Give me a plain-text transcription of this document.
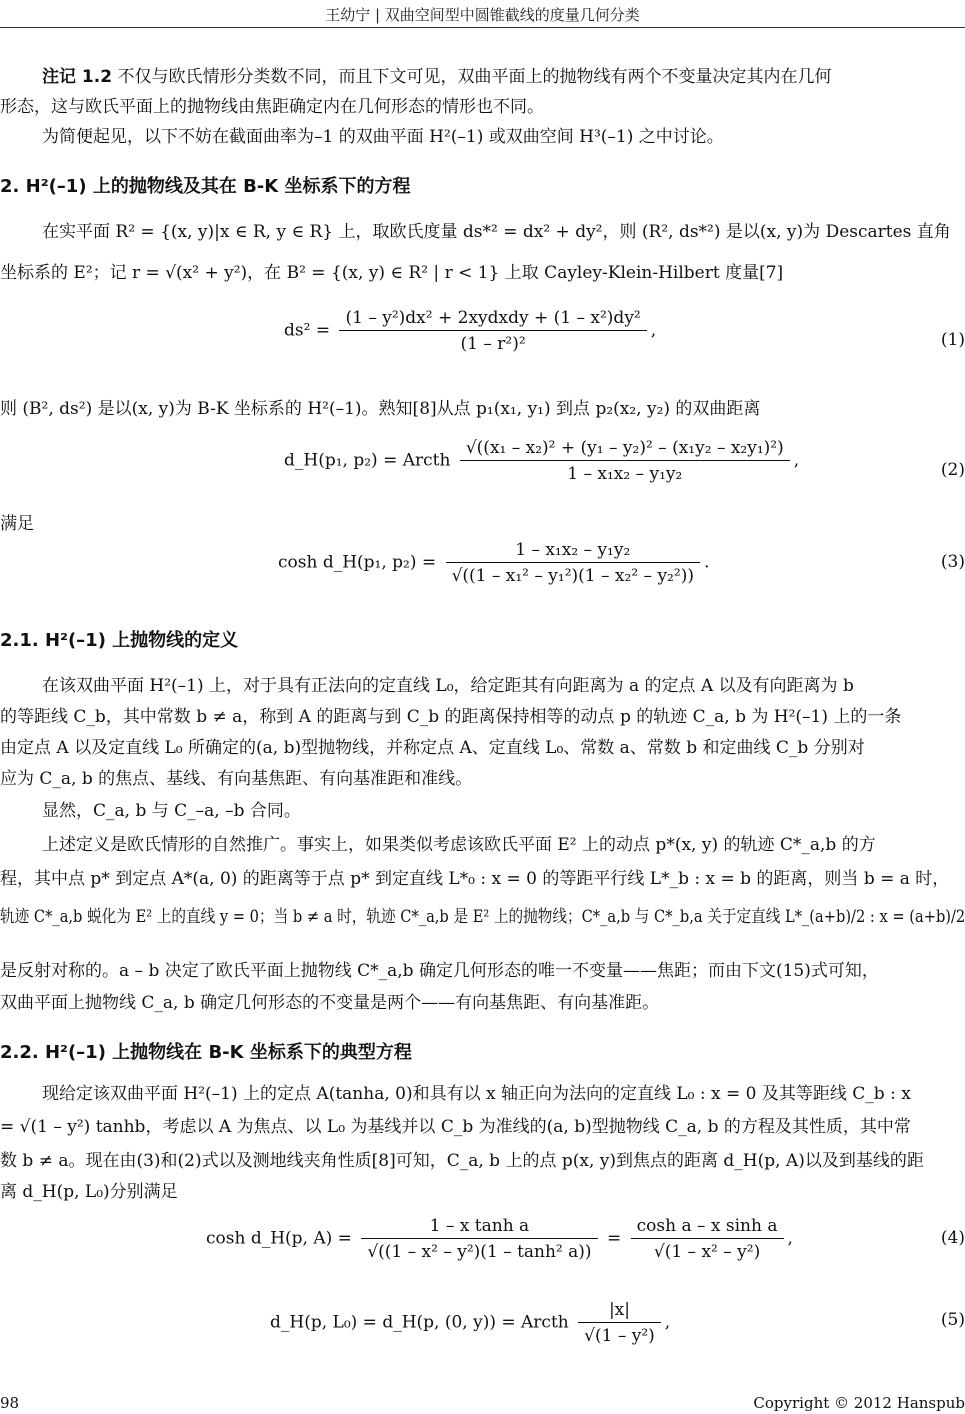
王幼宁 | 双曲空间型中圆锥截线的度量几何分类
注记 1.2 不仅与欧氏情形分类数不同，而且下文可见，双曲平面上的抛物线有两个不变量决定其内在几何
形态，这与欧氏平面上的抛物线由焦距确定内在几何形态的情形也不同。
为简便起见，以下不妨在截面曲率为–1 的双曲平面 H²(–1) 或双曲空间 H³(–1) 之中讨论。
2. H²(–1) 上的抛物线及其在 B-K 坐标系下的方程
在实平面 R² = {(x, y)|x ∈ R, y ∈ R} 上，取欧氏度量 ds*² = dx² + dy²，则 (R², ds*²) 是以(x, y)为 Descartes 直角
坐标系的 E²；记 r = √(x² + y²)，在 B² = {(x, y) ∈ R² | r < 1} 上取 Cayley-Klein-Hilbert 度量[7]
$ds^2 = \frac{\text{(1 – y²)dx² + 2xydxdy + (1 – x²)dy²}}{\text{(1 – r²)²}}$ ,	(1)
则 (B², ds²) 是以(x, y)为 B-K 坐标系的 H²(–1)。熟知[8]从点 p₁(x₁, y₁) 到点 p₂(x₂, y₂) 的双曲距离
d_H(p₁, p₂) = Arcth $\frac{\text{√((x₁ – x₂)² + (y₁ – y₂)² – (x₁y₂ – x₂y₁)²)}}{\text{1 – x₁x₂ – y₁y₂}}$ ,	(2)
满足
cosh d_H(p₁, $p_2) = \frac{\text{1 – x₁x₂ – y₁y₂}}{\text{√((1 – x₁² – y₁²)(1 – x₂² – y₂²))}}$ .	(3)
2.1. H²(–1) 上抛物线的定义
在该双曲平面 H²(–1) 上，对于具有正法向的定直线 L₀，给定距其有向距离为 a 的定点 A 以及有向距离为 b
的等距线 C_b，其中常数 b ≠ a，称到 A 的距离与到 C_b 的距离保持相等的动点 p 的轨迹 C_a, b 为 H²(–1) 上的一条
由定点 A 以及定直线 L₀ 所确定的(a, b)型抛物线，并称定点 A、定直线 L₀、常数 a、常数 b 和定曲线 C_b 分别对
应为 C_a, b 的焦点、基线、有向基焦距、有向基准距和准线。
显然，C_a, b 与 C_–a, –b 合同。
上述定义是欧氏情形的自然推广。事实上，如果类似考虑该欧氏平面 E² 上的动点 p*(x, y) 的轨迹 C*_a,b 的方
程，其中点 p* 到定点 A*(a, 0) 的距离等于点 p* 到定直线 L*₀ : x = 0 的等距平行线 L*_b : x = b 的距离，则当 b = a 时，
轨迹 C*_a,b 蜕化为 E² 上的直线 y = 0；当 b ≠ a 时，轨迹 C*_a,b 是 E² 上的抛物线；C*_a,b 与 C*_b,a 关于定直线 L*_(a+b)/2 : x = (a+b)/2
是反射对称的。a – b 决定了欧氏平面上抛物线 C*_a,b 确定几何形态的唯一不变量——焦距；而由下文(15)式可知，
双曲平面上抛物线 C_a, b 确定几何形态的不变量是两个——有向基焦距、有向基准距。
2.2. H²(–1) 上抛物线在 B-K 坐标系下的典型方程
现给定该双曲平面 H²(–1) 上的定点 A(tanha, 0)和具有以 x 轴正向为法向的定直线 L₀ : x = 0 及其等距线 C_b : x
= √(1 – y²) tanhb，考虑以 A 为焦点、以 L₀ 为基线并以 C_b 为准线的(a, b)型抛物线 C_a, b 的方程及其性质，其中常
数 b ≠ a。现在由(3)和(2)式以及测地线夹角性质[8]可知，C_a, b 上的点 p(x, y)到焦点的距离 d_H(p, A)以及到基线的距
离 d_H(p, L₀)分别满足
cosh d_H(p, $A) = \frac{\text{1 – x tanh a}}{\text{√((1 – x² – y²)(1 – tanh² a))}} = \frac{\text{cosh a – x sinh a}}{\text{√(1 – x² – y²)}}$ ,	(4)
d_H(p, L₀) = d_H(p, (0, y)) = Arcth $\frac{|x|}{\text{√(1 – y²)}}$ ,	(5)
98	Copyright © 2012 Hanspub
